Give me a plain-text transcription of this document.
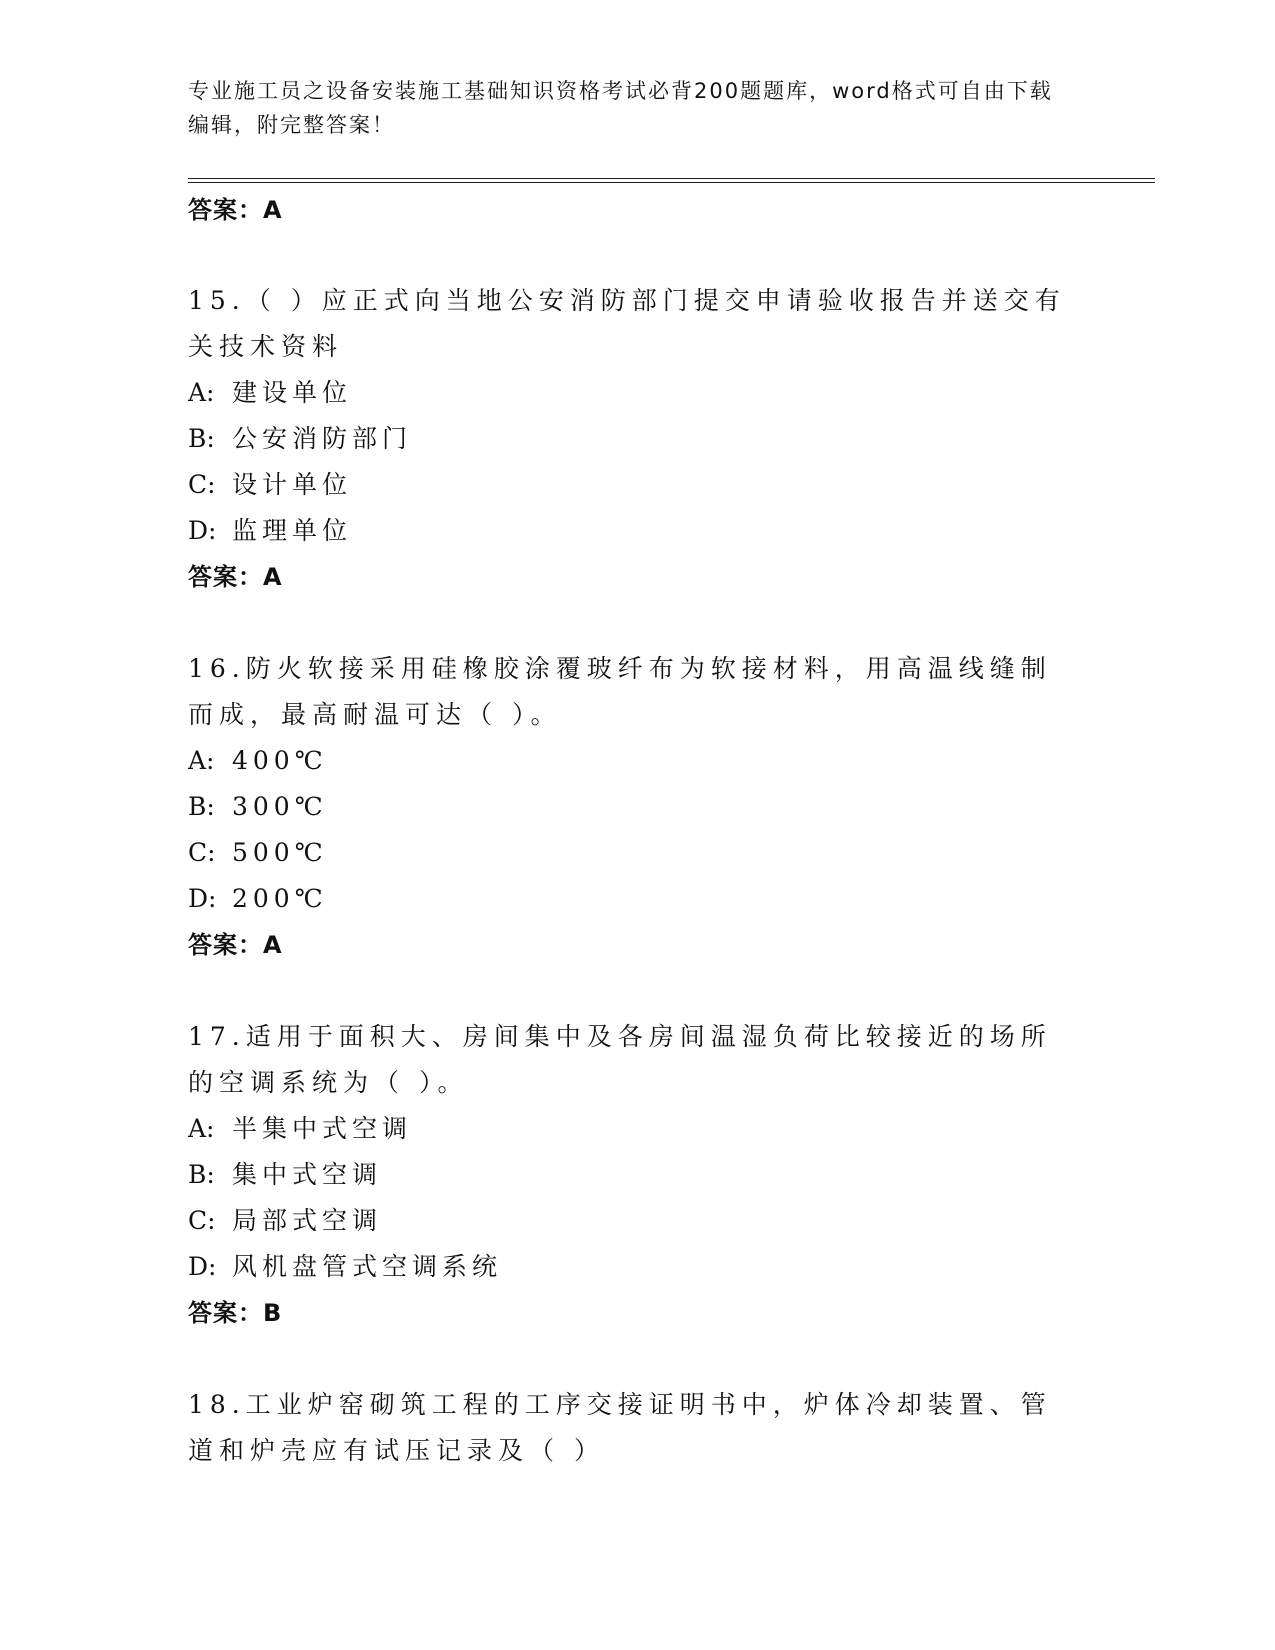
专业施工员之设备安装施工基础知识资格考试必背200题题库，word格式可自由下载编辑，附完整答案！
答案：A

15.（ ）应正式向当地公安消防部门提交申请验收报告并送交有关技术资料

A: 建设单位
B: 公安消防部门
C: 设计单位
D: 监理单位
答案：A

16.防火软接采用硅橡胶涂覆玻纤布为软接材料，用高温线缝制而成，最高耐温可达（ ）。

A: 400℃
B: 300℃
C: 500℃
D: 200℃
答案：A

17.适用于面积大、房间集中及各房间温湿负荷比较接近的场所的空调系统为（ ）。

A: 半集中式空调
B: 集中式空调
C: 局部式空调
D: 风机盘管式空调系统
答案：B

18.工业炉窑砌筑工程的工序交接证明书中，炉体冷却装置、管道和炉壳应有试压记录及（ ）
